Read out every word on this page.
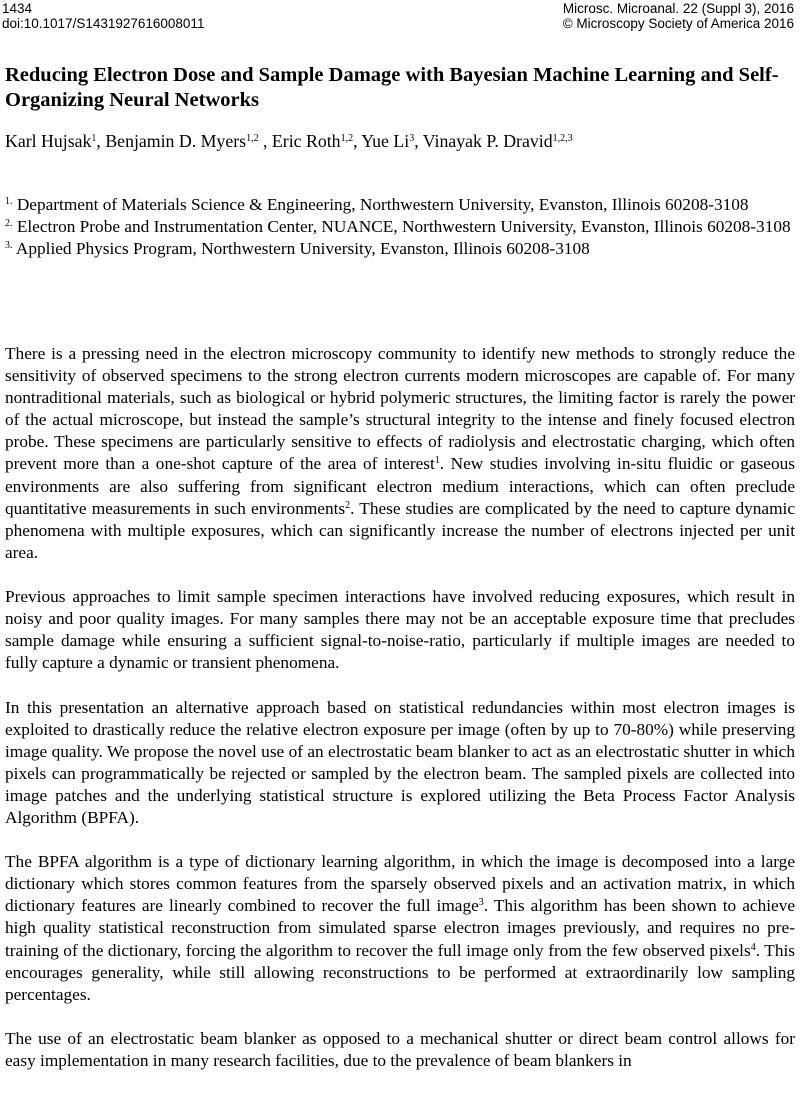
1434
doi:10.1017/S1431927616008011
Microsc. Microanal. 22 (Suppl 3), 2016
© Microscopy Society of America 2016
Reducing Electron Dose and Sample Damage with Bayesian Machine Learning and Self-Organizing Neural Networks
Karl Hujsak$^1$, Benjamin D. Myers$^{1,2}$ , Eric Roth$^{1,2}$, Yue Li$^3$, Vinayak P. Dravid$^{1,2,3}$

$^{1.}$ Department of Materials Science & Engineering, Northwestern University, Evanston, Illinois 60208-3108

$^{2.}$ Electron Probe and Instrumentation Center, NUANCE, Northwestern University, Evanston, Illinois 60208-3108

$^{3.}$ Applied Physics Program, Northwestern University, Evanston, Illinois 60208-3108

There is a pressing need in the electron microscopy community to identify new methods to strongly reduce the sensitivity of observed specimens to the strong electron currents modern microscopes are capable of. For many nontraditional materials, such as biological or hybrid polymeric structures, the limiting factor is rarely the power of the actual microscope, but instead the sample’s structural integrity to the intense and finely focused electron probe. These specimens are particularly sensitive to effects of radiolysis and electrostatic charging, which often prevent more than a one-shot capture of the area of interest$^1$. New studies involving in-situ fluidic or gaseous environments are also suffering from significant electron medium interactions, which can often preclude quantitative measurements in such environments$^2$. These studies are complicated by the need to capture dynamic phenomena with multiple exposures, which can significantly increase the number of electrons injected per unit area.

Previous approaches to limit sample specimen interactions have involved reducing exposures, which result in noisy and poor quality images. For many samples there may not be an acceptable exposure time that precludes sample damage while ensuring a sufficient signal-to-noise-ratio, particularly if multiple images are needed to fully capture a dynamic or transient phenomena.

In this presentation an alternative approach based on statistical redundancies within most electron images is exploited to drastically reduce the relative electron exposure per image (often by up to 70-80%) while preserving image quality. We propose the novel use of an electrostatic beam blanker to act as an electrostatic shutter in which pixels can programmatically be rejected or sampled by the electron beam. The sampled pixels are collected into image patches and the underlying statistical structure is explored utilizing the Beta Process Factor Analysis Algorithm (BPFA).

The BPFA algorithm is a type of dictionary learning algorithm, in which the image is decomposed into a large dictionary which stores common features from the sparsely observed pixels and an activation matrix, in which dictionary features are linearly combined to recover the full image$^3$. This algorithm has been shown to achieve high quality statistical reconstruction from simulated sparse electron images previously, and requires no pre-training of the dictionary, forcing the algorithm to recover the full image only from the few observed pixels$^4$. This encourages generality, while still allowing reconstructions to be performed at extraordinarily low sampling percentages.

The use of an electrostatic beam blanker as opposed to a mechanical shutter or direct beam control allows for easy implementation in many research facilities, due to the prevalence of beam blankers in
